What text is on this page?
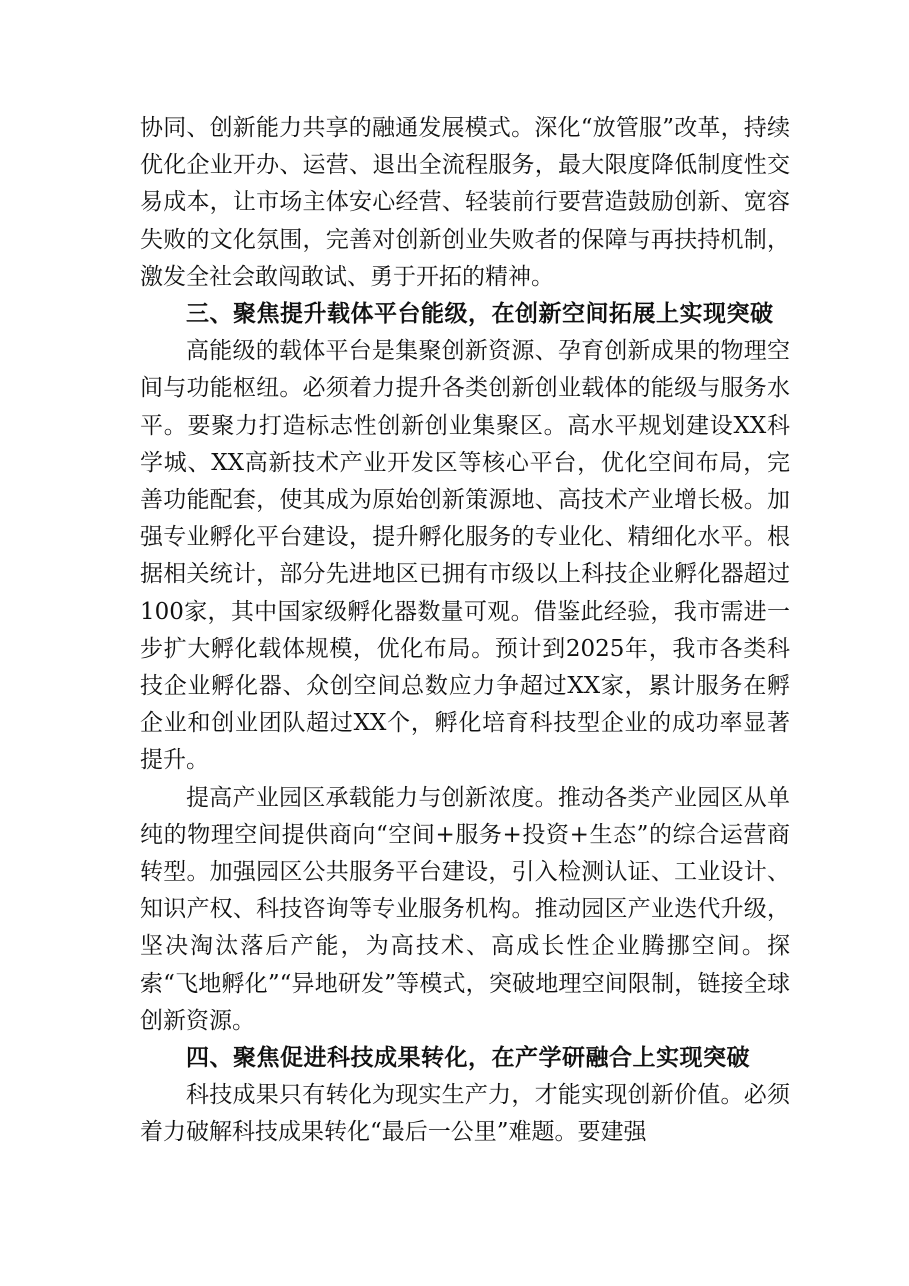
协同、创新能力共享的融通发展模式。深化“放管服”改革，持续优化企业开办、运营、退出全流程服务，最大限度降低制度性交易成本，让市场主体安心经营、轻装前行要营造鼓励创新、宽容失败的文化氛围，完善对创新创业失败者的保障与再扶持机制，激发全社会敢闯敢试、勇于开拓的精神。

三、聚焦提升载体平台能级，在创新空间拓展上实现突破

高能级的载体平台是集聚创新资源、孕育创新成果的物理空间与功能枢纽。必须着力提升各类创新创业载体的能级与服务水平。要聚力打造标志性创新创业集聚区。高水平规划建设XX科学城、XX高新技术产业开发区等核心平台，优化空间布局，完善功能配套，使其成为原始创新策源地、高技术产业增长极。加强专业孵化平台建设，提升孵化服务的专业化、精细化水平。根据相关统计，部分先进地区已拥有市级以上科技企业孵化器超过100家，其中国家级孵化器数量可观。借鉴此经验，我市需进一步扩大孵化载体规模，优化布局。预计到2025年，我市各类科技企业孵化器、众创空间总数应力争超过XX家，累计服务在孵企业和创业团队超过XX个，孵化培育科技型企业的成功率显著提升。

提高产业园区承载能力与创新浓度。推动各类产业园区从单纯的物理空间提供商向“空间+服务+投资+生态”的综合运营商转型。加强园区公共服务平台建设，引入检测认证、工业设计、知识产权、科技咨询等专业服务机构。推动园区产业迭代升级，坚决淘汰落后产能，为高技术、高成长性企业腾挪空间。探索“飞地孵化”“异地研发”等模式，突破地理空间限制，链接全球创新资源。

四、聚焦促进科技成果转化，在产学研融合上实现突破

科技成果只有转化为现实生产力，才能实现创新价值。必须着力破解科技成果转化“最后一公里”难题。要建强
